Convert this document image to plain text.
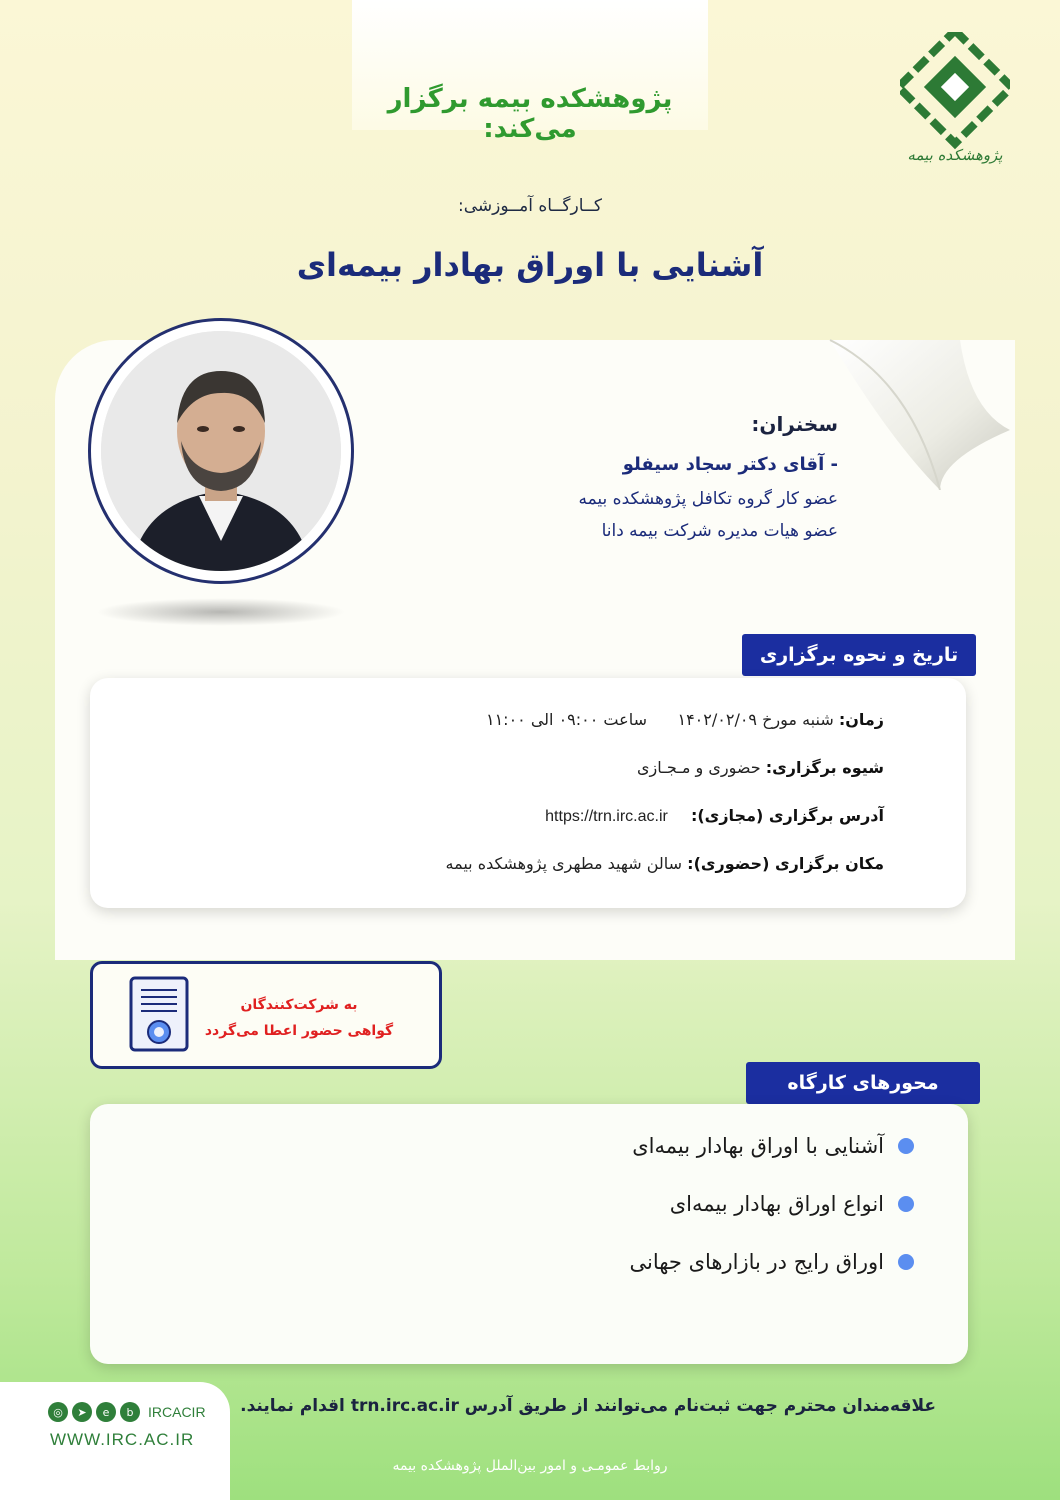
پژوهشکده بیمه برگزار می‌کند:
پژوهشکده بیمه
کــارگــاه آمــوزشی:
آشنایی با اوراق بهادار بیمه‌ای
سخنران:
- آقای دکتر سجاد سیفلو
عضو کار گروه تکافل پژوهشکده بیمه
عضو هیات مدیره شرکت بیمه دانا
تاریخ و نحوه برگزاری
زمان: شنبه مورخ ۱۴۰۲/۰۲/۰۹      ساعت ۰۹:۰۰ الی ۱۱:۰۰
شیوه برگزاری: حضوری و مـجـازی
آدرس برگزاری (مجازی): https://trn.irc.ac.ir
مکان برگزاری (حضوری): سالن شهید مطهری پژوهشکده بیمه
به شرکت‌کنندگان
گواهی حضور اعطا می‌گردد
محورهای کارگاه
آشنایی با اوراق بهادار بیمه‌ای
انواع اوراق بهادار بیمه‌ای
اوراق رایج در بازارهای جهانی
◎	➤	e	b	IRCACIR
WWW.IRC.AC.IR
علاقه‌مندان محترم جهت ثبت‌نام می‌توانند از طریق آدرس trn.irc.ac.ir اقدام نمایند.
روابط عمومـی و امور بین‌الملل پژوهشکده بیمه
